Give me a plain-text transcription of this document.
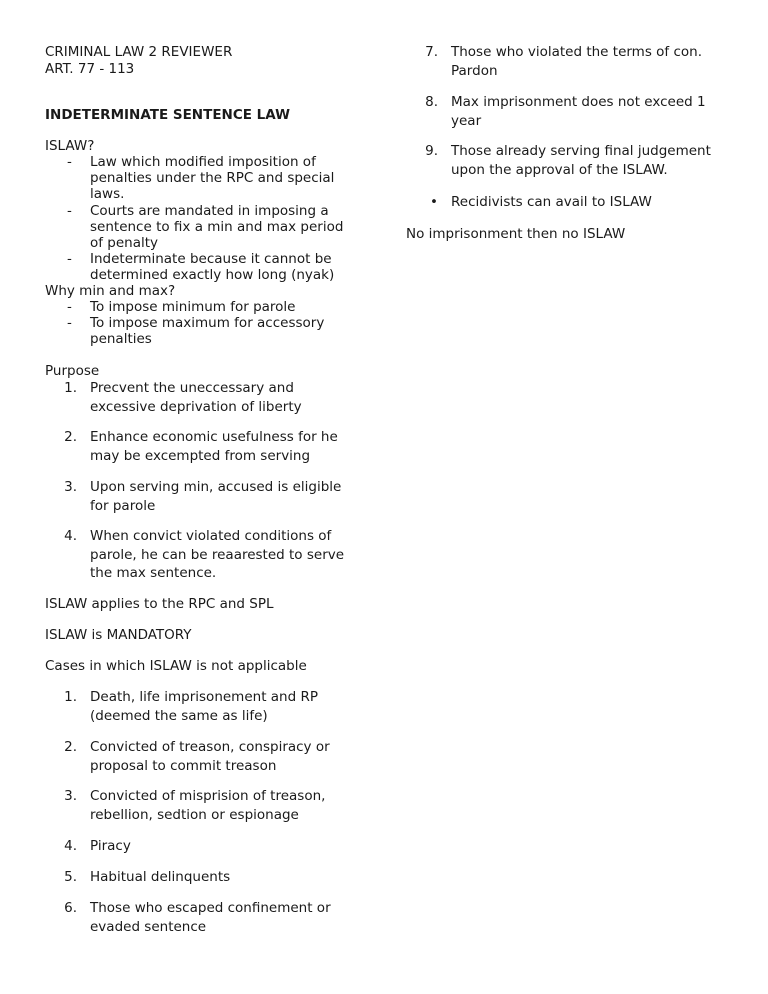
CRIMINAL LAW 2 REVIEWER
ART. 77 - 113
INDETERMINATE SENTENCE LAW
ISLAW?
-	Law which modified imposition of penalties under the RPC and special laws.
-	Courts are mandated in imposing a sentence to fix a min and max period of penalty
-	Indeterminate because it cannot be determined exactly how long (nyak)
Why min and max?
-	To impose minimum for parole
-	To impose maximum for accessory penalties
Purpose
1. Precvent the uneccessary and excessive deprivation of liberty
2. Enhance economic usefulness for he may be excempted from serving
3. Upon serving min, accused is eligible for parole
4. When convict violated conditions of parole, he can be reaarested to serve the max sentence.
ISLAW applies to the RPC and SPL
ISLAW is MANDATORY
Cases in which ISLAW is not applicable
1. Death, life imprisonement and RP (deemed the same as life)
2. Convicted of treason, conspiracy or proposal to commit treason
3. Convicted of misprision of treason, rebellion, sedtion or espionage
4. Piracy
5. Habitual delinquents
6. Those who escaped confinement or evaded sentence
7. Those who violated the terms of con. Pardon
8. Max imprisonment does not exceed 1 year
9. Those already serving final judgement upon the approval of the ISLAW.
• Recidivists can avail to ISLAW
No imprisonment then no ISLAW
